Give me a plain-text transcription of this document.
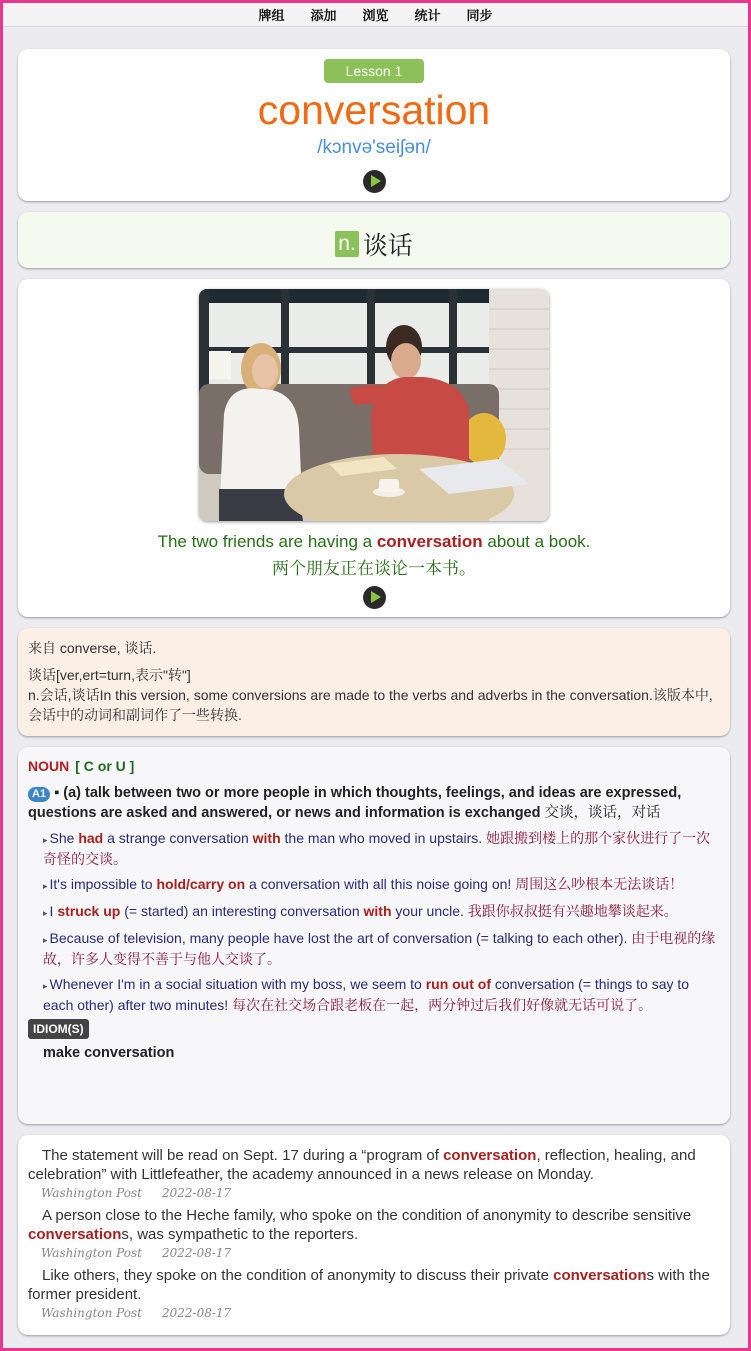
牌组 添加 浏览 统计 同步
Lesson 1
conversation
/kɔnvə'seiʃən/
n. 谈话
The two friends are having a conversation about a book.
两个朋友正在谈论一本书。

来自 converse, 谈话.

谈话[ver,ert=turn,表示"转"]

n.会话,谈话In this version, some conversions are made to the verbs and adverbs in the conversation.该版本中,会话中的动词和副词作了一些转换.

NOUN [ C or U ]
A1 ▪ (a) talk between two or more people in which thoughts, feelings, and ideas are expressed, questions are asked and answered, or news and information is exchanged 交谈，谈话，对话
▸ She had a strange conversation with the man who moved in upstairs. 她跟搬到楼上的那个家伙进行了一次奇怪的交谈。
▸ It's impossible to hold/carry on a conversation with all this noise going on! 周围这么吵根本无法谈话！
▸ I struck up (= started) an interesting conversation with your uncle. 我跟你叔叔挺有兴趣地攀谈起来。
▸ Because of television, many people have lost the art of conversation (= talking to each other). 由于电视的缘故，许多人变得不善于与他人交谈了。
▸ Whenever I'm in a social situation with my boss, we seem to run out of conversation (= things to say to each other) after two minutes! 每次在社交场合跟老板在一起，两分钟过后我们好像就无话可说了。
IDIOM(S)
make conversation
The statement will be read on Sept. 17 during a “program of conversation, reflection, healing, and celebration” with Littlefeather, the academy announced in a news release on Monday.
Washington Post 2022-08-17
A person close to the Heche family, who spoke on the condition of anonymity to describe sensitive conversations, was sympathetic to the reporters.
Washington Post 2022-08-17
Like others, they spoke on the condition of anonymity to discuss their private conversations with the former president.
Washington Post 2022-08-17
